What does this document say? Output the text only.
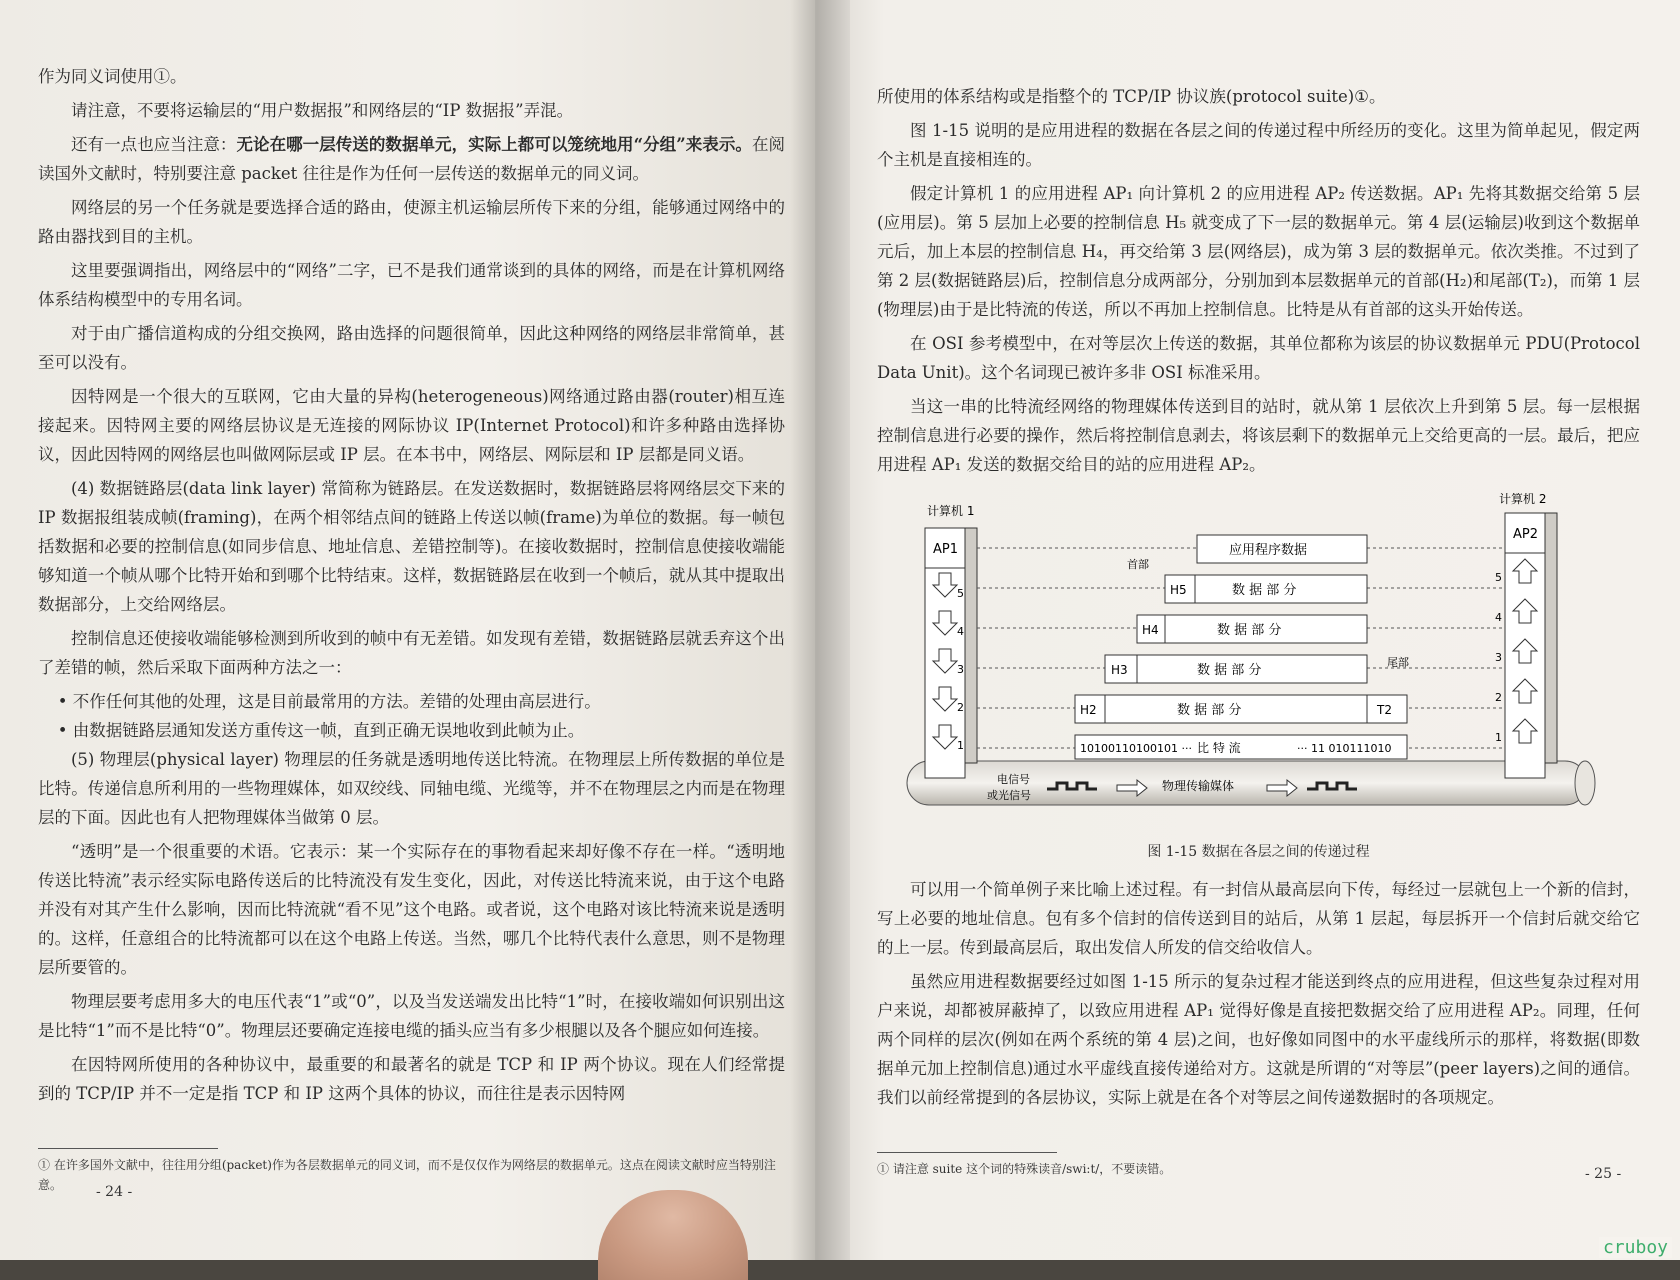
作为同义词使用①。

请注意，不要将运输层的“用户数据报”和网络层的“IP 数据报”弄混。

还有一点也应当注意：无论在哪一层传送的数据单元，实际上都可以笼统地用“分组”来表示。在阅读国外文献时，特别要注意 packet 往往是作为任何一层传送的数据单元的同义词。

网络层的另一个任务就是要选择合适的路由，使源主机运输层所传下来的分组，能够通过网络中的路由器找到目的主机。

这里要强调指出，网络层中的“网络”二字，已不是我们通常谈到的具体的网络，而是在计算机网络体系结构模型中的专用名词。

对于由广播信道构成的分组交换网，路由选择的问题很简单，因此这种网络的网络层非常简单，甚至可以没有。

因特网是一个很大的互联网，它由大量的异构(heterogeneous)网络通过路由器(router)相互连接起来。因特网主要的网络层协议是无连接的网际协议 IP(Internet Protocol)和许多种路由选择协议，因此因特网的网络层也叫做网际层或 IP 层。在本书中，网络层、网际层和 IP 层都是同义语。

(4) 数据链路层(data link layer) 常简称为链路层。在发送数据时，数据链路层将网络层交下来的 IP 数据报组装成帧(framing)，在两个相邻结点间的链路上传送以帧(frame)为单位的数据。每一帧包括数据和必要的控制信息(如同步信息、地址信息、差错控制等)。在接收数据时，控制信息使接收端能够知道一个帧从哪个比特开始和到哪个比特结束。这样，数据链路层在收到一个帧后，就从其中提取出数据部分，上交给网络层。

控制信息还使接收端能够检测到所收到的帧中有无差错。如发现有差错，数据链路层就丢弃这个出了差错的帧，然后采取下面两种方法之一：

• 不作任何其他的处理，这是目前最常用的方法。差错的处理由高层进行。

• 由数据链路层通知发送方重传这一帧，直到正确无误地收到此帧为止。

(5) 物理层(physical layer) 物理层的任务就是透明地传送比特流。在物理层上所传数据的单位是比特。传递信息所利用的一些物理媒体，如双绞线、同轴电缆、光缆等，并不在物理层之内而是在物理层的下面。因此也有人把物理媒体当做第 0 层。

“透明”是一个很重要的术语。它表示：某一个实际存在的事物看起来却好像不存在一样。“透明地传送比特流”表示经实际电路传送后的比特流没有发生变化，因此，对传送比特流来说，由于这个电路并没有对其产生什么影响，因而比特流就“看不见”这个电路。或者说，这个电路对该比特流来说是透明的。这样，任意组合的比特流都可以在这个电路上传送。当然，哪几个比特代表什么意思，则不是物理层所要管的。

物理层要考虑用多大的电压代表“1”或“0”，以及当发送端发出比特“1”时，在接收端如何识别出这是比特“1”而不是比特“0”。物理层还要确定连接电缆的插头应当有多少根腿以及各个腿应如何连接。

在因特网所使用的各种协议中，最重要的和最著名的就是 TCP 和 IP 两个协议。现在人们经常提到的 TCP/IP 并不一定是指 TCP 和 IP 这两个具体的协议，而往往是表示因特网

① 在许多国外文献中，往往用分组(packet)作为各层数据单元的同义词，而不是仅仅作为网络层的数据单元。这点在阅读文献时应当特别注意。	- 24 -

所使用的体系结构或是指整个的 TCP/IP 协议族(protocol suite)①。

图 1-15 说明的是应用进程的数据在各层之间的传递过程中所经历的变化。这里为简单起见，假定两个主机是直接相连的。

假定计算机 1 的应用进程 AP₁ 向计算机 2 的应用进程 AP₂ 传送数据。AP₁ 先将其数据交给第 5 层(应用层)。第 5 层加上必要的控制信息 H₅ 就变成了下一层的数据单元。第 4 层(运输层)收到这个数据单元后，加上本层的控制信息 H₄，再交给第 3 层(网络层)，成为第 3 层的数据单元。依次类推。不过到了第 2 层(数据链路层)后，控制信息分成两部分，分别加到本层数据单元的首部(H₂)和尾部(T₂)，而第 1 层(物理层)由于是比特流的传送，所以不再加上控制信息。比特是从有首部的这头开始传送。

在 OSI 参考模型中，在对等层次上传送的数据，其单位都称为该层的协议数据单元 PDU(Protocol Data Unit)。这个名词现已被许多非 OSI 标准采用。

当这一串的比特流经网络的物理媒体传送到目的站时，就从第 1 层依次上升到第 5 层。每一层根据控制信息进行必要的操作，然后将控制信息剥去，将该层剩下的数据单元上交给更高的一层。最后，把应用进程 AP₁ 发送的数据交给目的站的应用进程 AP₂。

计算机 1
计算机 2
AP1
AP2
5
4
3
2
1
5
4
3
2
1
应用程序数据
首部
H5	数 据 部 分
H4	数 据 部 分
H3	数 据 部 分
尾部
H2	数 据 部 分	T2
10100110100101 ··· 比 特 流	··· 11 010111010
电信号
或光信号
物理传输媒体

图 1-15 数据在各层之间的传递过程

可以用一个简单例子来比喻上述过程。有一封信从最高层向下传，每经过一层就包上一个新的信封，写上必要的地址信息。包有多个信封的信传送到目的站后，从第 1 层起，每层拆开一个信封后就交给它的上一层。传到最高层后，取出发信人所发的信交给收信人。

虽然应用进程数据要经过如图 1-15 所示的复杂过程才能送到终点的应用进程，但这些复杂过程对用户来说，却都被屏蔽掉了，以致应用进程 AP₁ 觉得好像是直接把数据交给了应用进程 AP₂。同理，任何两个同样的层次(例如在两个系统的第 4 层)之间，也好像如同图中的水平虚线所示的那样，将数据(即数据单元加上控制信息)通过水平虚线直接传递给对方。这就是所谓的“对等层”(peer layers)之间的通信。我们以前经常提到的各层协议，实际上就是在各个对等层之间传递数据时的各项规定。

① 请注意 suite 这个词的特殊读音/swi:t/，不要读错。	- 25 -
cruboy
